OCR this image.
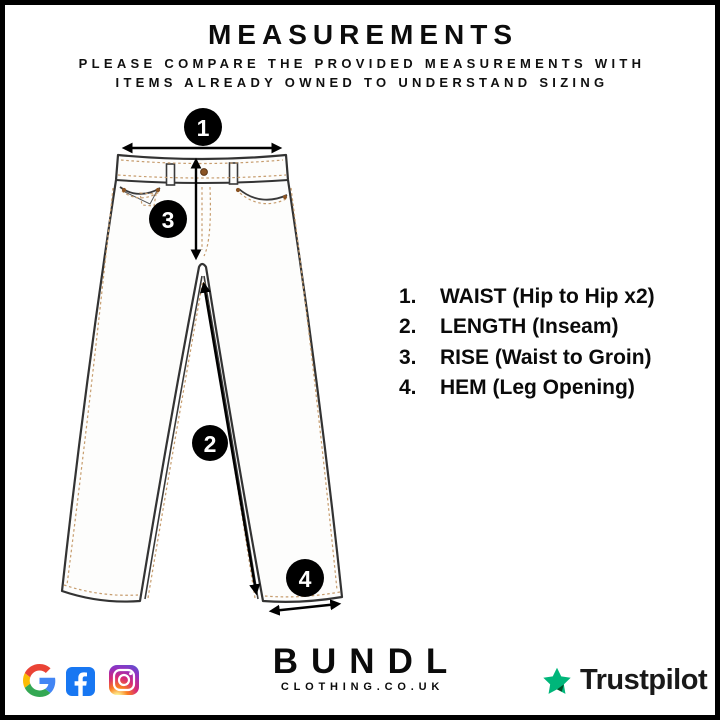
MEASUREMENTS
PLEASE COMPARE THE PROVIDED MEASUREMENTS WITH
ITEMS ALREADY OWNED TO UNDERSTAND SIZING
1
3
2
4
1.	WAIST (Hip to Hip x2)
2.	LENGTH (Inseam)
3.	RISE (Waist to Groin)
4.	HEM (Leg Opening)
BUNDL
CLOTHING.CO.UK	Trustpilot
